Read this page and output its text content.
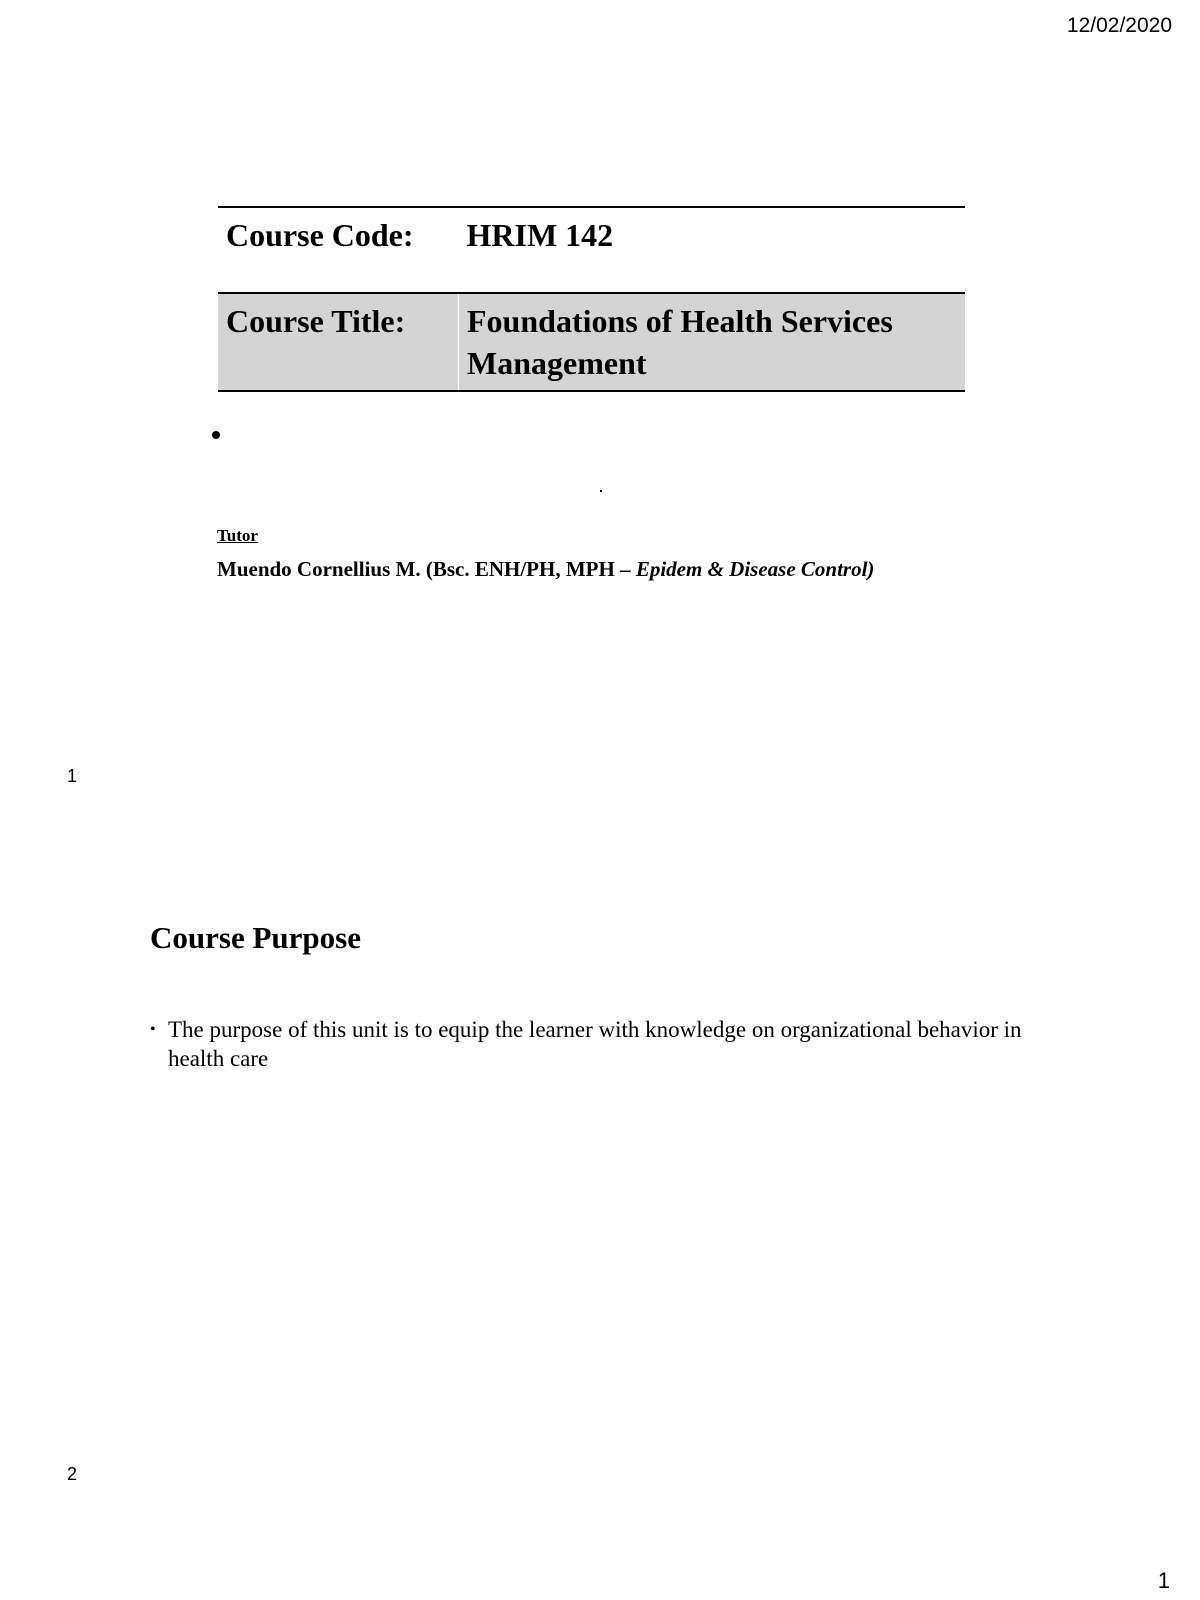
12/02/2020
Course Code:	HRIM 142
Course Title:	Foundations of Health Services Management
Tutor
Muendo Cornellius M. (Bsc. ENH/PH, MPH – Epidem & Disease Control)
1
Course Purpose
• The purpose of this unit is to equip the learner with knowledge on organizational behavior in health care
2
1
